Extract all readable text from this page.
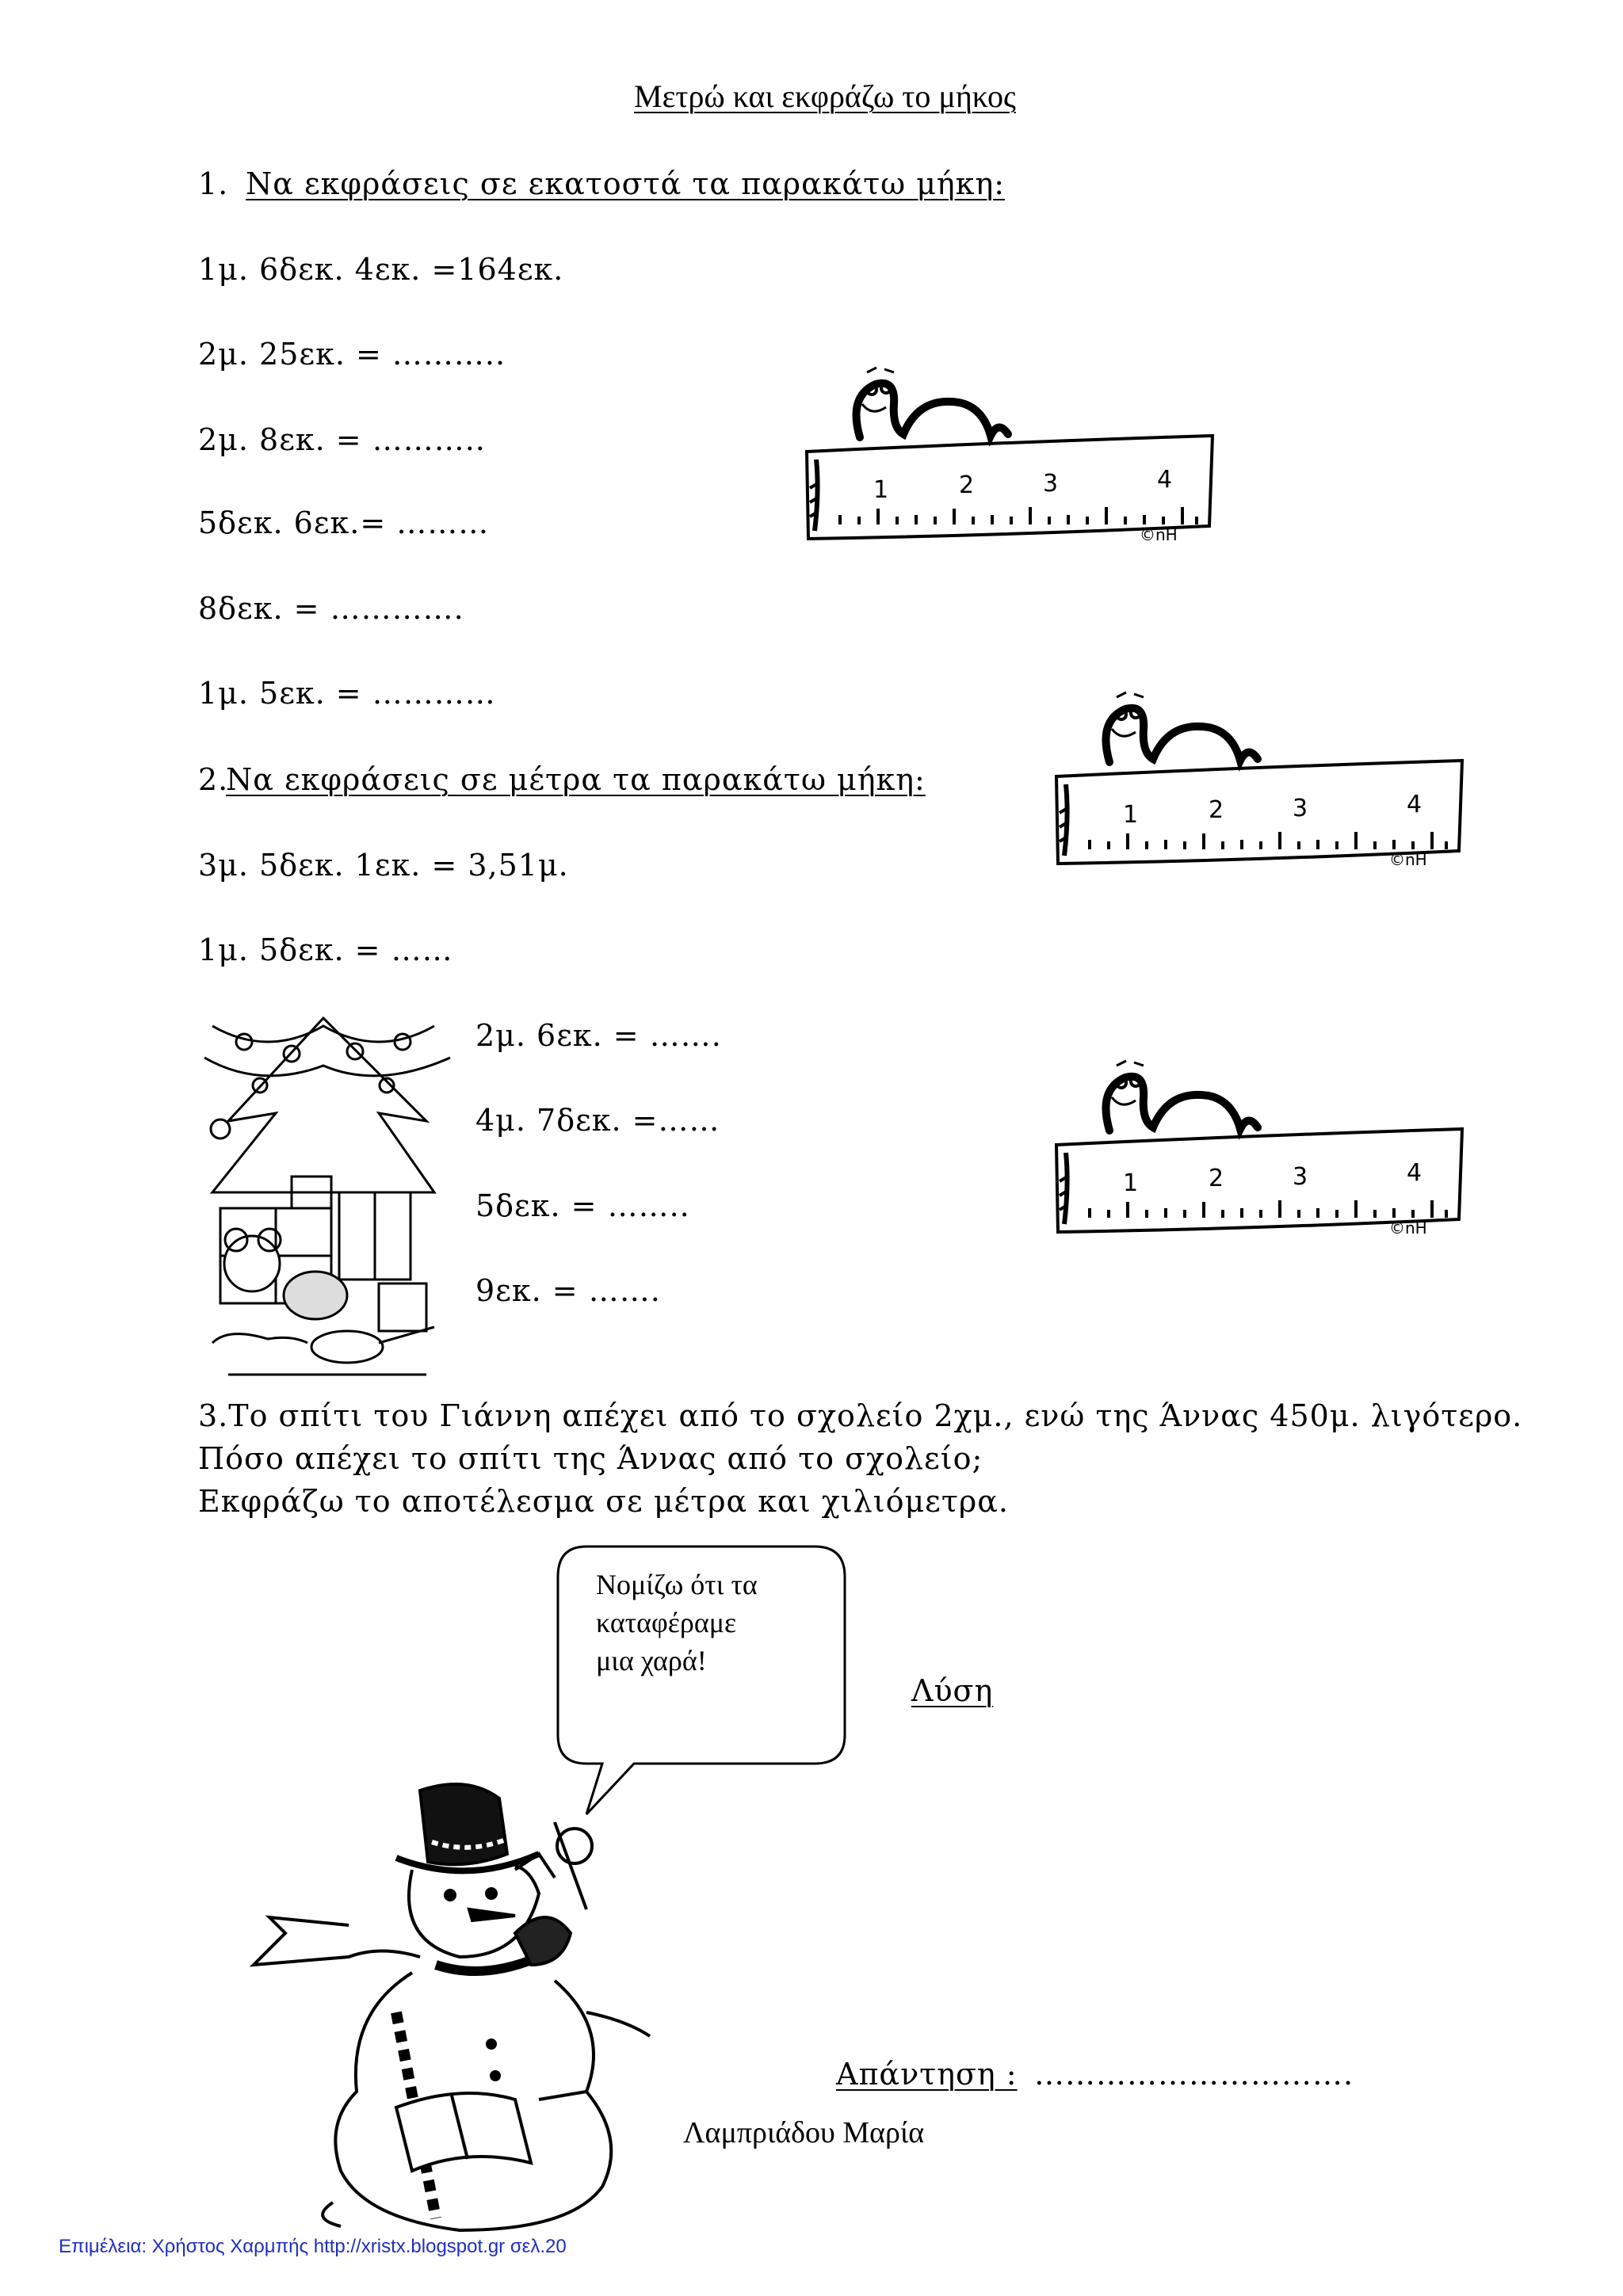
Μετρώ και εκφράζω το μήκος
1. Να εκφράσεις σε εκατοστά τα παρακάτω μήκη:
1μ. 6δεκ. 4εκ. =164εκ.
2μ. 25εκ. = ………..
2μ. 8εκ. = ………..
5δεκ. 6εκ.= ………
8δεκ. = ………….
1μ. 5εκ. = …………
2.
Να εκφράσεις σε μέτρα τα παρακάτω μήκη:
3μ. 5δεκ. 1εκ. = 3,51μ.
1μ. 5δεκ. = ……
2μ. 6εκ. = …….
4μ. 7δεκ. =……
5δεκ. = ……..
9εκ. = …….
3.Το σπίτι του Γιάννη απέχει από το σχολείο 2χμ., ενώ της Άννας 450μ. λιγότερο.
Πόσο απέχει το σπίτι της Άννας από το σχολείο;
Εκφράζω το αποτέλεσμα σε μέτρα και χιλιόμετρα.
Λύση
Απάντηση : ………………………….
Λαμπριάδου Μαρία
Επιμέλεια: Χρήστος Χαρμπής http://xristx.blogspot.gr σελ.20
Νομίζω ότι τα
καταφέραμε
μια χαρά!
1	2	3	4
©nH
1	2	3	4
©nH
1	2	3	4
©nH
